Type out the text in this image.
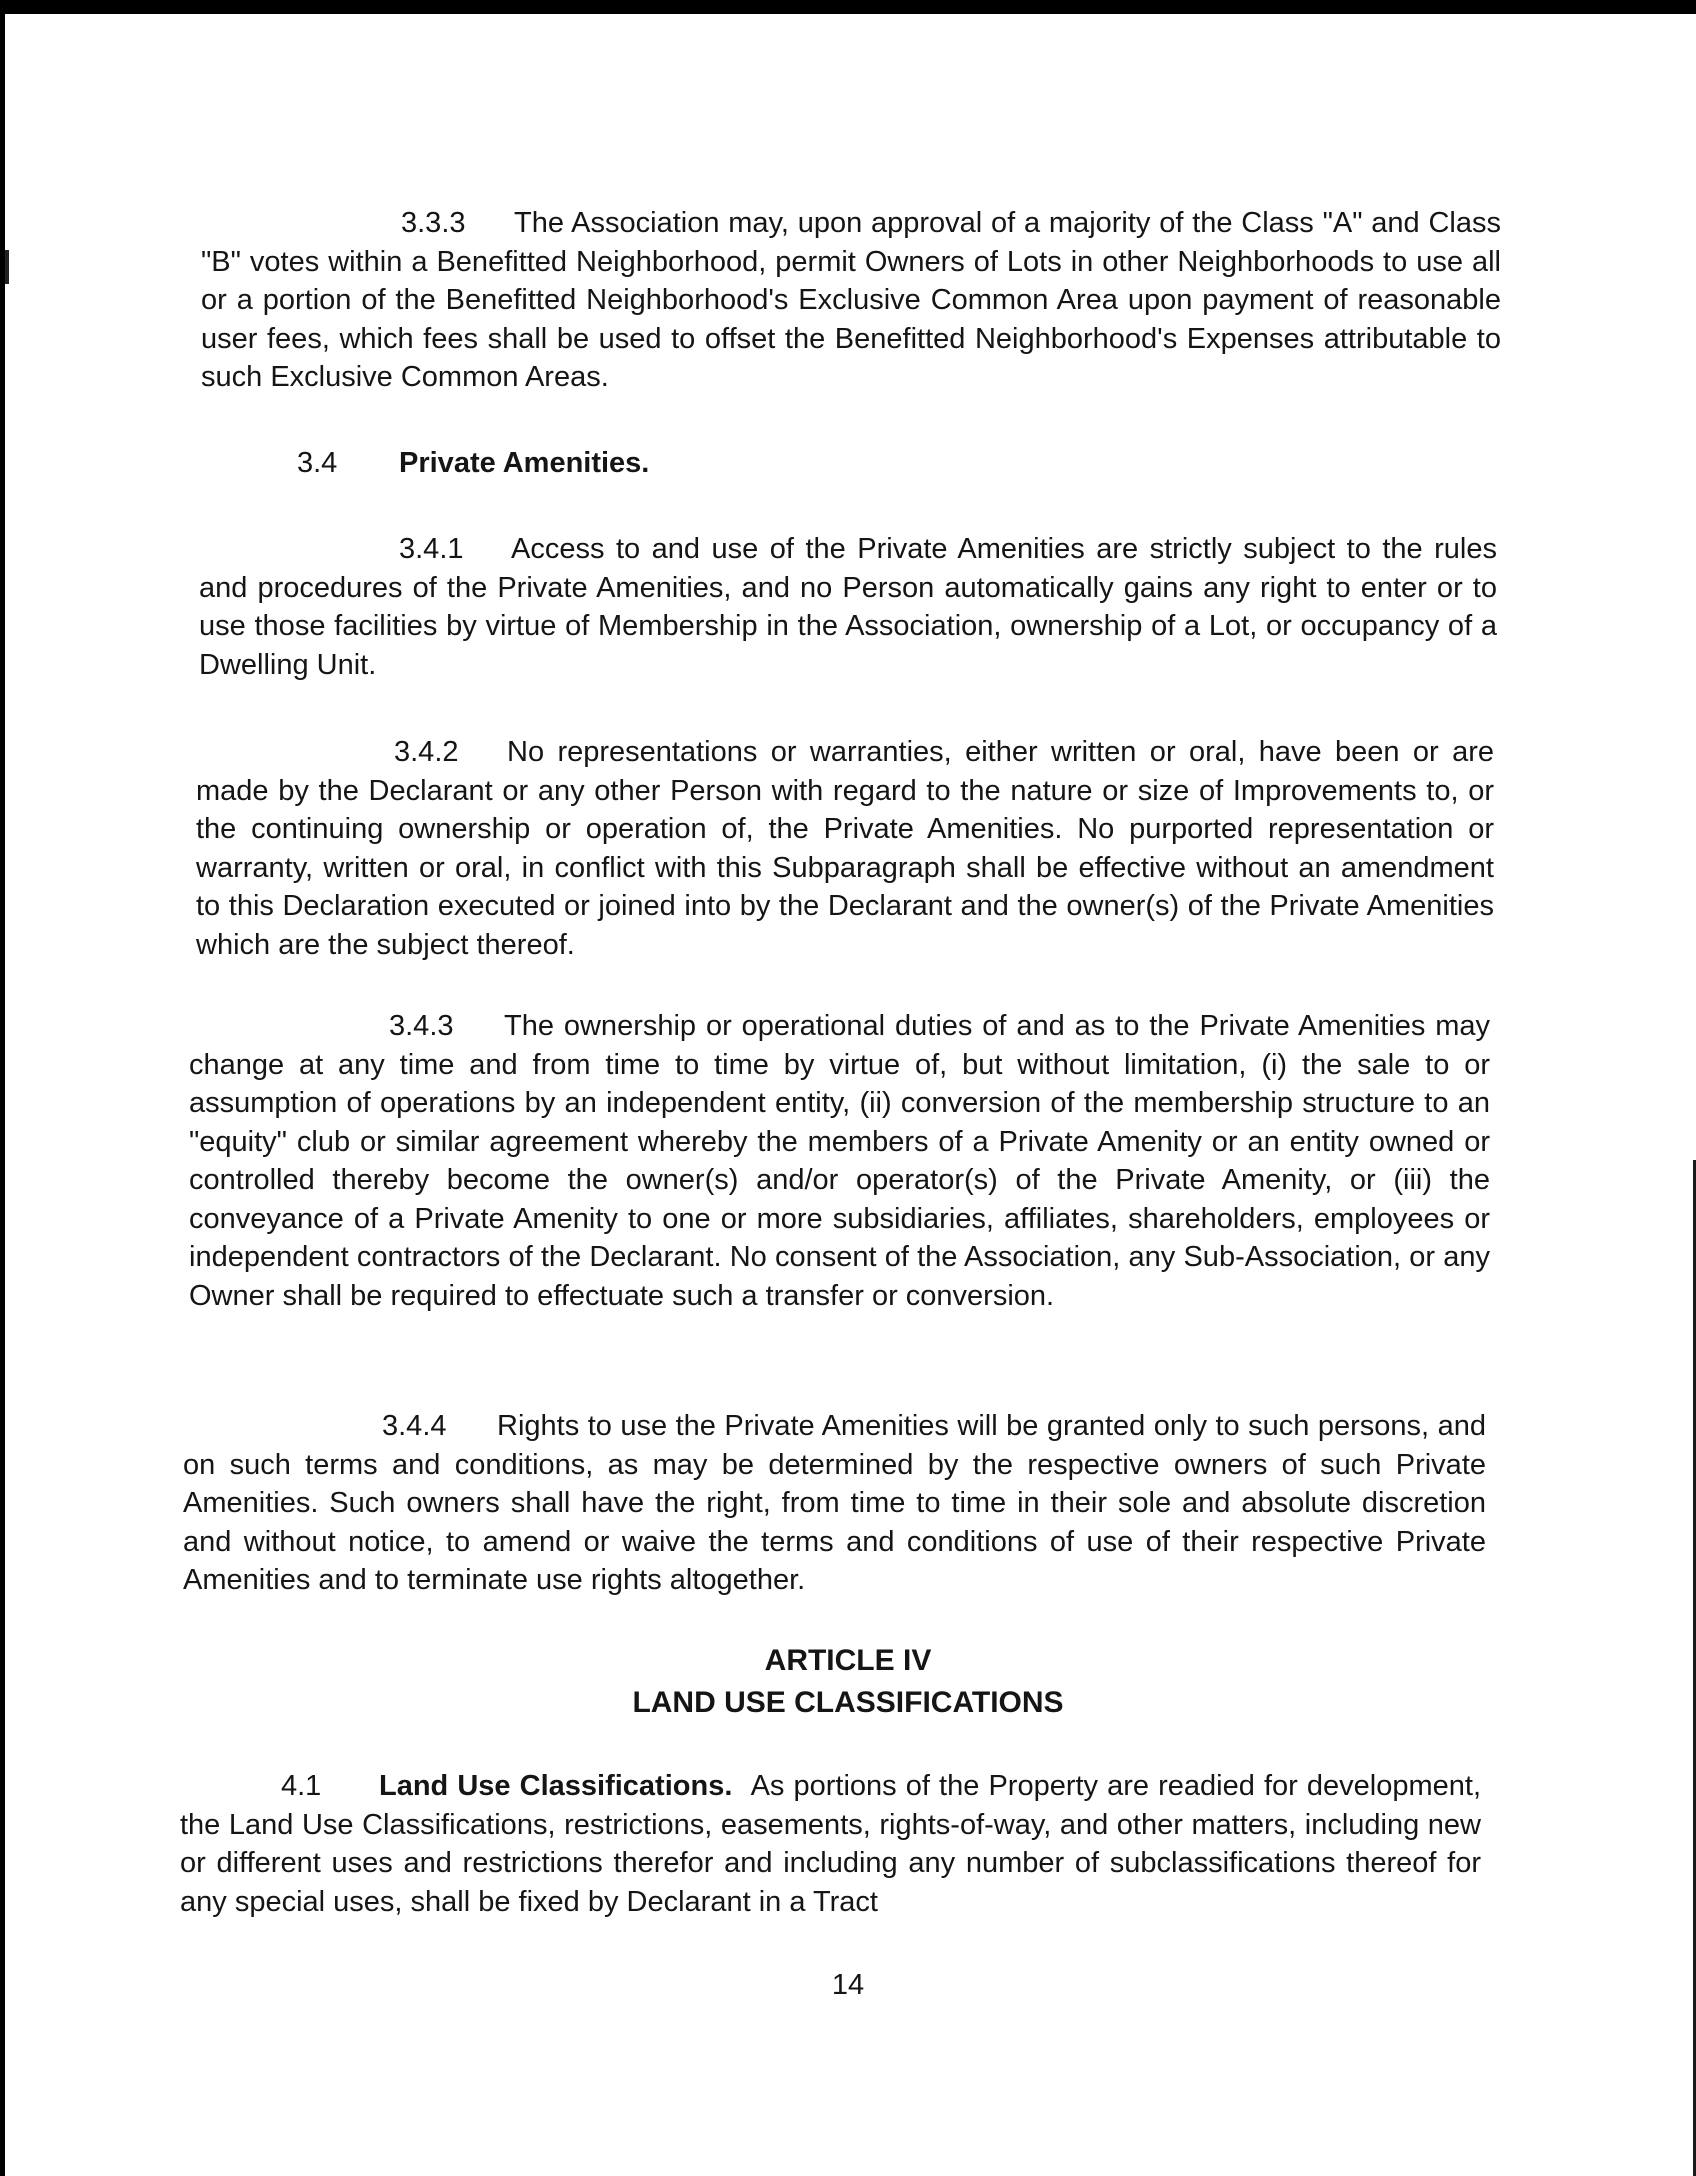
3.3.3 The Association may, upon approval of a majority of the Class "A" and Class "B" votes within a Benefitted Neighborhood, permit Owners of Lots in other Neighborhoods to use all or a portion of the Benefitted Neighborhood's Exclusive Common Area upon payment of reasonable user fees, which fees shall be used to offset the Benefitted Neighborhood's Expenses attributable to such Exclusive Common Areas.
3.4 Private Amenities.
3.4.1 Access to and use of the Private Amenities are strictly subject to the rules and procedures of the Private Amenities, and no Person automatically gains any right to enter or to use those facilities by virtue of Membership in the Association, ownership of a Lot, or occupancy of a Dwelling Unit.
3.4.2 No representations or warranties, either written or oral, have been or are made by the Declarant or any other Person with regard to the nature or size of Improvements to, or the continuing ownership or operation of, the Private Amenities. No purported representation or warranty, written or oral, in conflict with this Subparagraph shall be effective without an amendment to this Declaration executed or joined into by the Declarant and the owner(s) of the Private Amenities which are the subject thereof.
3.4.3 The ownership or operational duties of and as to the Private Amenities may change at any time and from time to time by virtue of, but without limitation, (i) the sale to or assumption of operations by an independent entity, (ii) conversion of the membership structure to an "equity" club or similar agreement whereby the members of a Private Amenity or an entity owned or controlled thereby become the owner(s) and/or operator(s) of the Private Amenity, or (iii) the conveyance of a Private Amenity to one or more subsidiaries, affiliates, shareholders, employees or independent contractors of the Declarant. No consent of the Association, any Sub-Association, or any Owner shall be required to effectuate such a transfer or conversion.
3.4.4 Rights to use the Private Amenities will be granted only to such persons, and on such terms and conditions, as may be determined by the respective owners of such Private Amenities. Such owners shall have the right, from time to time in their sole and absolute discretion and without notice, to amend or waive the terms and conditions of use of their respective Private Amenities and to terminate use rights altogether.
ARTICLE IV
LAND USE CLASSIFICATIONS
4.1 Land Use Classifications. As portions of the Property are readied for development, the Land Use Classifications, restrictions, easements, rights-of-way, and other matters, including new or different uses and restrictions therefor and including any number of subclassifications thereof for any special uses, shall be fixed by Declarant in a Tract
14
